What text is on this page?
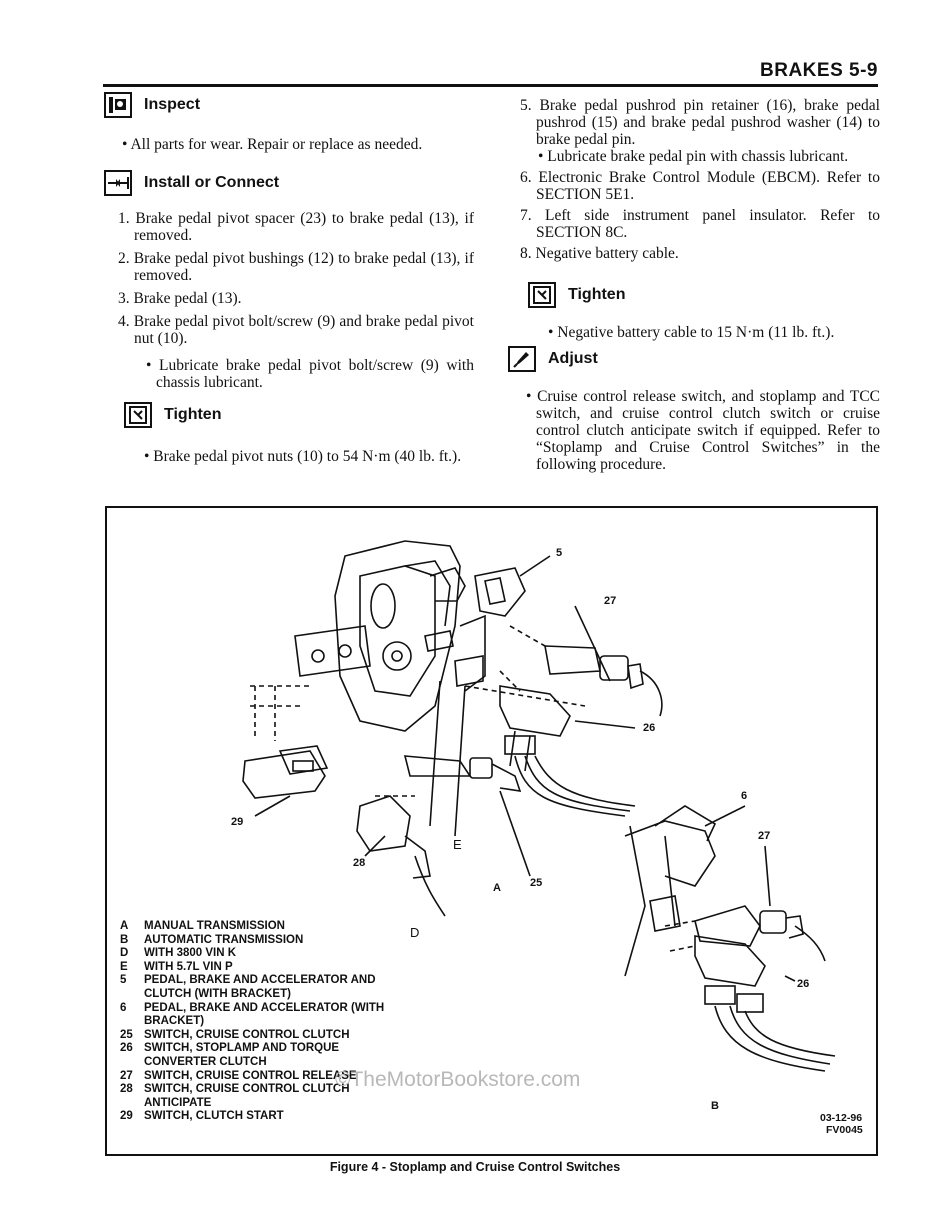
BRAKES 5-9
Inspect

• All parts for wear. Repair or replace as needed.

Install or Connect

1. Brake pedal pivot spacer (23) to brake pedal (13), if removed.

2. Brake pedal pivot bushings (12) to brake pedal (13), if removed.

3. Brake pedal (13).

4. Brake pedal pivot bolt/screw (9) and brake pedal pivot nut (10).

• Lubricate brake pedal pivot bolt/screw (9) with chassis lubricant.

Tighten

• Brake pedal pivot nuts (10) to 54 N·m (40 lb. ft.).

5. Brake pedal pushrod pin retainer (16), brake pedal pushrod (15) and brake pedal pushrod washer (14) to brake pedal pin.

• Lubricate brake pedal pin with chassis lubricant.

6. Electronic Brake Control Module (EBCM). Refer to SECTION 5E1.

7. Left side instrument panel insulator. Refer to SECTION 8C.

8. Negative battery cable.

Tighten

• Negative battery cable to 15 N·m (11 lb. ft.).

Adjust

• Cruise control release switch, and stoplamp and TCC switch, and cruise control clutch switch or cruise control clutch anticipate switch if equipped. Refer to “Stoplamp and Cruise Control Switches” in the following procedure.

5
27
26
29
28
E
A	25
D
6
27
26
B
A	MANUAL TRANSMISSION
B	AUTOMATIC TRANSMISSION
D	WITH 3800 VIN K
E	WITH 5.7L VIN P
5	PEDAL, BRAKE AND ACCELERATOR AND
CLUTCH (WITH BRACKET)
6	PEDAL, BRAKE AND ACCELERATOR (WITH
BRACKET)
25 SWITCH, CRUISE CONTROL CLUTCH
26 SWITCH, STOPLAMP AND TORQUE
CONVERTER CLUTCH
27 SWITCH, CRUISE CONTROL RELEASE
28 SWITCH, CRUISE CONTROL CLUTCH
ANTICIPATE
29 SWITCH, CLUTCH START
©TheMotorBookstore.com
03-12-96
FV0045
Figure 4 - Stoplamp and Cruise Control Switches
